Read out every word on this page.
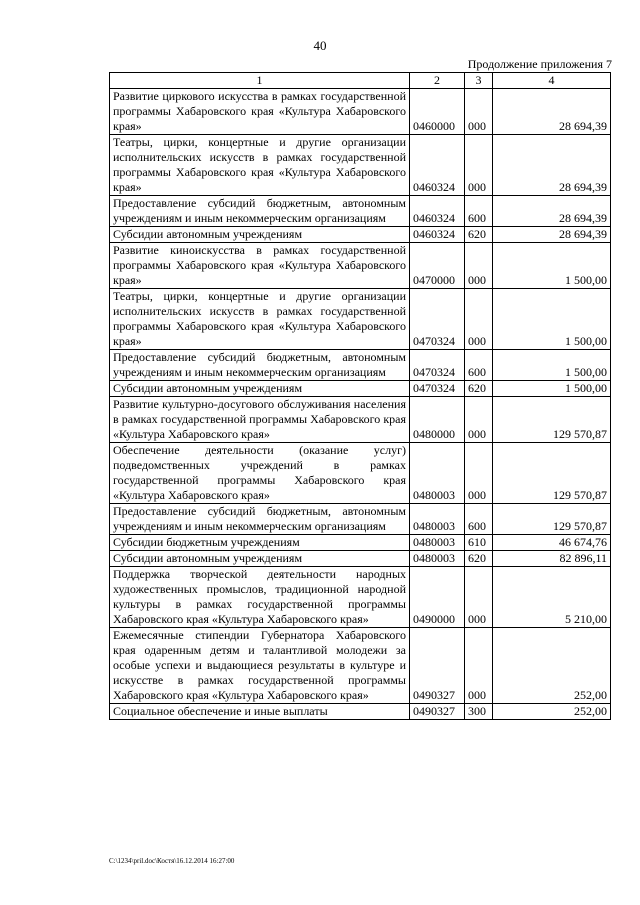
40
Продолжение приложения 7
1	2	3	4
Развитие циркового искусства в рамках государственной программы Хабаровского края «Культура Хабаровского края»	0460000	000	28 694,39
Театры, цирки, концертные и другие организации исполнительских искусств в рамках государственной программы Хабаровского края «Культура Хабаровского края»	0460324	000	28 694,39
Предоставление субсидий бюджетным, автономным учреждениям и иным некоммерческим организациям	0460324	600	28 694,39
Субсидии автономным учреждениям	0460324	620	28 694,39
Развитие киноискусства в рамках государственной программы Хабаровского края «Культура Хабаровского края»	0470000	000	1 500,00
Театры, цирки, концертные и другие организации исполнительских искусств в рамках государственной программы Хабаровского края «Культура Хабаровского края»	0470324	000	1 500,00
Предоставление субсидий бюджетным, автономным учреждениям и иным некоммерческим организациям	0470324	600	1 500,00
Субсидии автономным учреждениям	0470324	620	1 500,00
Развитие культурно-досугового обслуживания населения в рамках государственной программы Хабаровского края «Культура Хабаровского края»	0480000	000	129 570,87
Обеспечение деятельности (оказание услуг) подведомственных учреждений в рамках государственной программы Хабаровского края «Культура Хабаровского края»	0480003	000	129 570,87
Предоставление субсидий бюджетным, автономным учреждениям и иным некоммерческим организациям	0480003	600	129 570,87
Субсидии бюджетным учреждениям	0480003	610	46 674,76
Субсидии автономным учреждениям	0480003	620	82 896,11
Поддержка творческой деятельности народных художественных промыслов, традиционной народной культуры в рамках государственной программы Хабаровского края «Культура Хабаровского края»	0490000	000	5 210,00
Ежемесячные стипендии Губернатора Хабаровского края одаренным детям и талантливой молодежи за особые успехи и выдающиеся результаты в культуре и искусстве в рамках государственной программы Хабаровского края «Культура Хабаровского края»	0490327	000	252,00
Социальное обеспечение и иные выплаты	0490327	300	252,00
C:\1234\pril.doc\Костя\16.12.2014 16:27:00
